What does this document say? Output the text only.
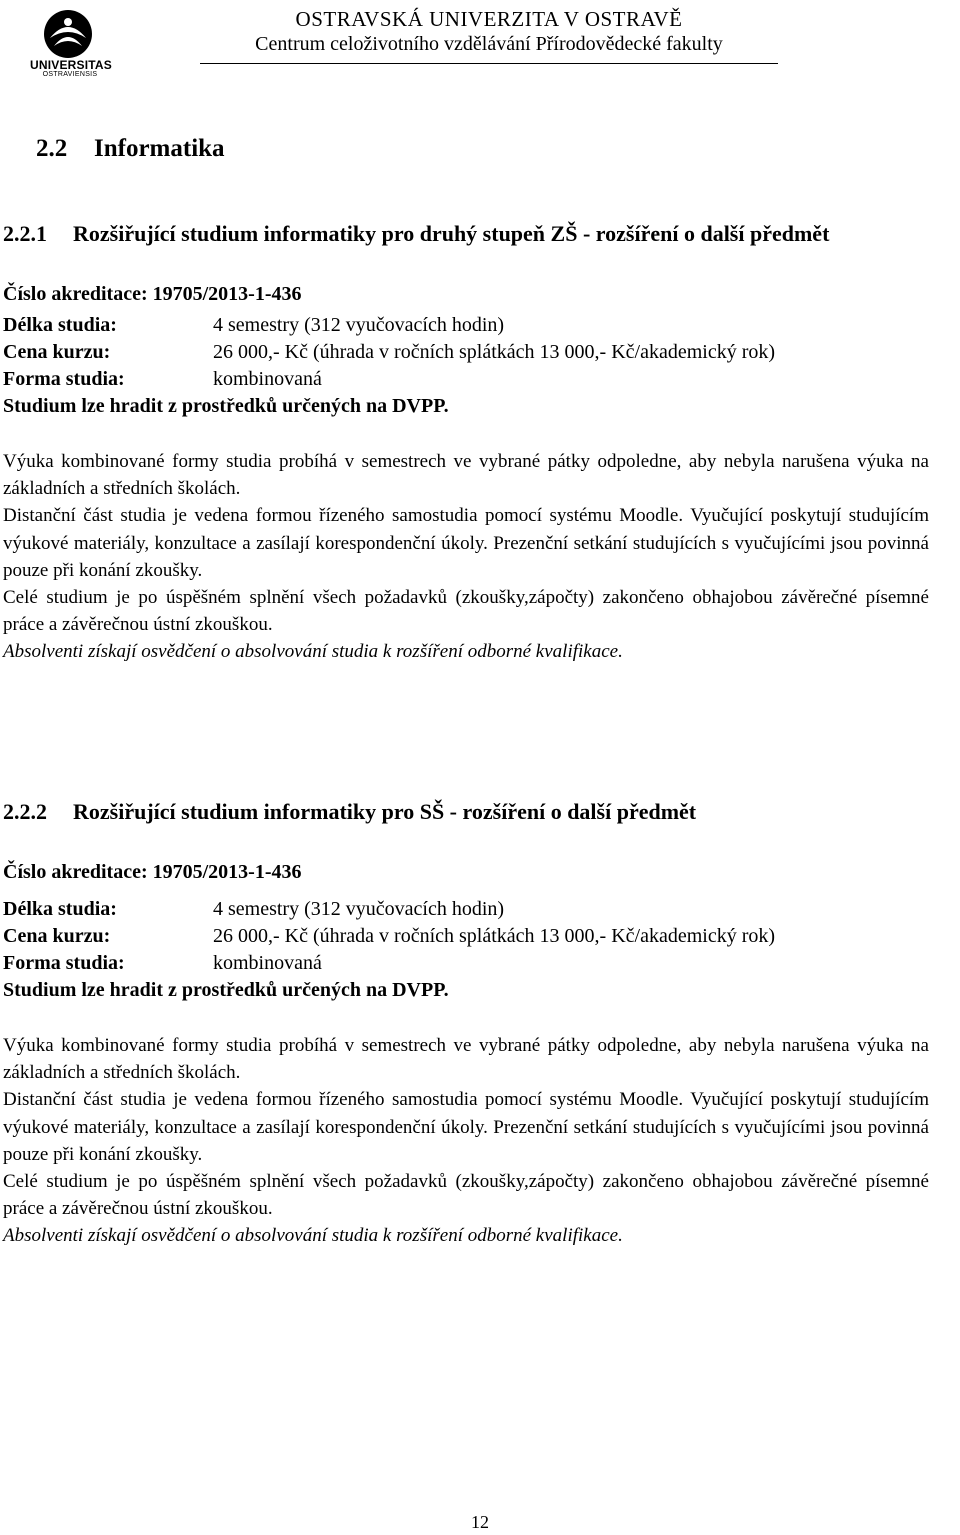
UNIVERSITAS
OSTRAVIENSIS
OSTRAVSKÁ UNIVERZITA V OSTRAVĚ
Centrum celoživotního vzdělávání Přírodovědecké fakulty
2.2 Informatika
2.2.1 Rozšiřující studium informatiky pro druhý stupeň ZŠ - rozšíření o další předmět
Číslo akreditace: 19705/2013-1-436
Délka studia:	4 semestry (312 vyučovacích hodin)
Cena kurzu:	26 000,- Kč (úhrada v ročních splátkách 13 000,- Kč/akademický rok)
Forma studia:	kombinovaná
Studium lze hradit z prostředků určených na DVPP.

Výuka kombinované formy studia probíhá v semestrech ve vybrané pátky odpoledne, aby nebyla narušena výuka na základních a středních školách.

Distanční část studia je vedena formou řízeného samostudia pomocí systému Moodle. Vyučující poskytují studujícím výukové materiály, konzultace a zasílají korespondenční úkoly. Prezenční setkání studujících s vyučujícími jsou povinná pouze při konání zkoušky.

Celé studium je po úspěšném splnění všech požadavků (zkoušky,zápočty) zakončeno obhajobou závěrečné písemné práce a závěrečnou ústní zkouškou.

Absolventi získají osvědčení o absolvování studia k rozšíření odborné kvalifikace.

2.2.2 Rozšiřující studium informatiky pro SŠ - rozšíření o další předmět
Číslo akreditace: 19705/2013-1-436
Délka studia:	4 semestry (312 vyučovacích hodin)
Cena kurzu:	26 000,- Kč (úhrada v ročních splátkách 13 000,- Kč/akademický rok)
Forma studia:	kombinovaná
Studium lze hradit z prostředků určených na DVPP.

Výuka kombinované formy studia probíhá v semestrech ve vybrané pátky odpoledne, aby nebyla narušena výuka na základních a středních školách.

Distanční část studia je vedena formou řízeného samostudia pomocí systému Moodle. Vyučující poskytují studujícím výukové materiály, konzultace a zasílají korespondenční úkoly. Prezenční setkání studujících s vyučujícími jsou povinná pouze při konání zkoušky.

Celé studium je po úspěšném splnění všech požadavků (zkoušky,zápočty) zakončeno obhajobou závěrečné písemné práce a závěrečnou ústní zkouškou.

Absolventi získají osvědčení o absolvování studia k rozšíření odborné kvalifikace.

12
